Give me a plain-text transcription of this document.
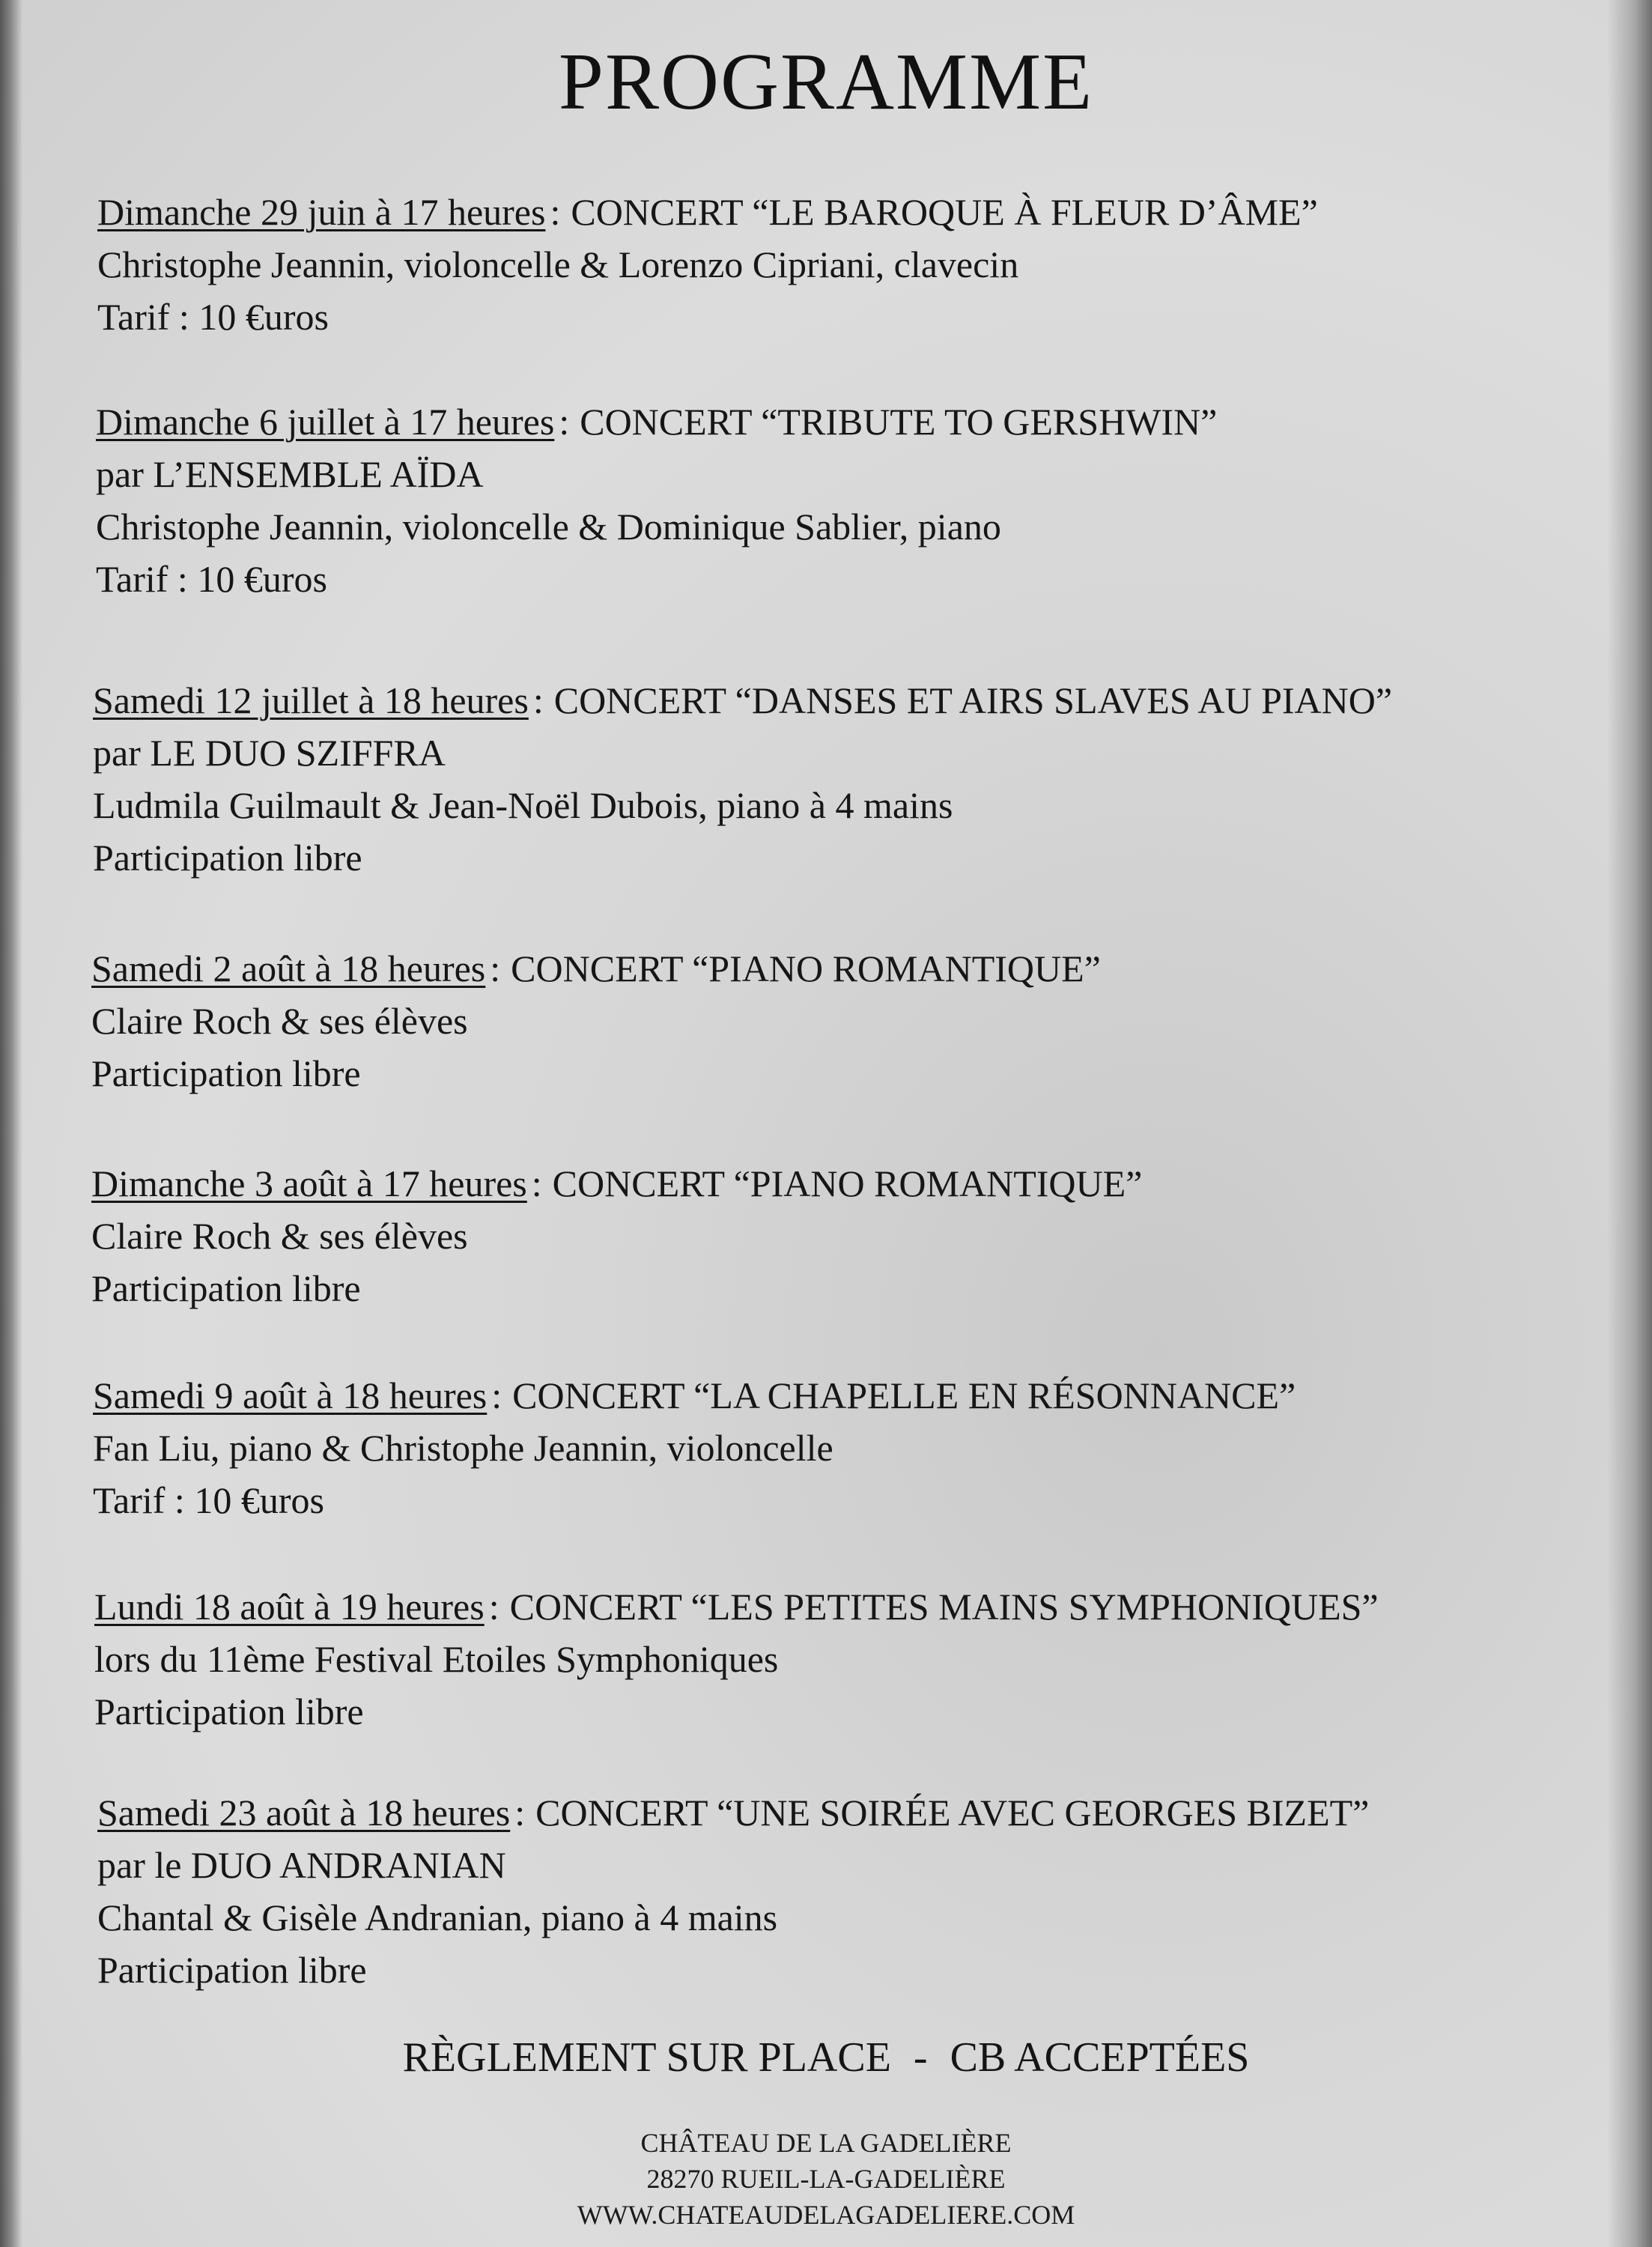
PROGRAMME
Dimanche 29 juin à 17 heures : CONCERT “LE BAROQUE À FLEUR D’ÂME”
Christophe Jeannin, violoncelle & Lorenzo Cipriani, clavecin
Tarif : 10 €uros
Dimanche 6 juillet à 17 heures : CONCERT “TRIBUTE TO GERSHWIN”
par L’ENSEMBLE AÏDA
Christophe Jeannin, violoncelle & Dominique Sablier, piano
Tarif : 10 €uros
Samedi 12 juillet à 18 heures : CONCERT “DANSES ET AIRS SLAVES AU PIANO”
par LE DUO SZIFFRA
Ludmila Guilmault & Jean-Noël Dubois, piano à 4 mains
Participation libre
Samedi 2 août à 18 heures : CONCERT “PIANO ROMANTIQUE”
Claire Roch & ses élèves
Participation libre
Dimanche 3 août à 17 heures : CONCERT “PIANO ROMANTIQUE”
Claire Roch & ses élèves
Participation libre
Samedi 9 août à 18 heures : CONCERT “LA CHAPELLE EN RÉSONNANCE”
Fan Liu, piano & Christophe Jeannin, violoncelle
Tarif : 10 €uros
Lundi 18 août à 19 heures : CONCERT “LES PETITES MAINS SYMPHONIQUES”
lors du 11ème Festival Etoiles Symphoniques
Participation libre
Samedi 23 août à 18 heures : CONCERT “UNE SOIRÉE AVEC GEORGES BIZET”
par le DUO ANDRANIAN
Chantal & Gisèle Andranian, piano à 4 mains
Participation libre
RÈGLEMENT SUR PLACE - CB ACCEPTÉES
CHÂTEAU DE LA GADELIÈRE
28270 RUEIL-LA-GADELIÈRE
WWW.CHATEAUDELAGADELIERE.COM
